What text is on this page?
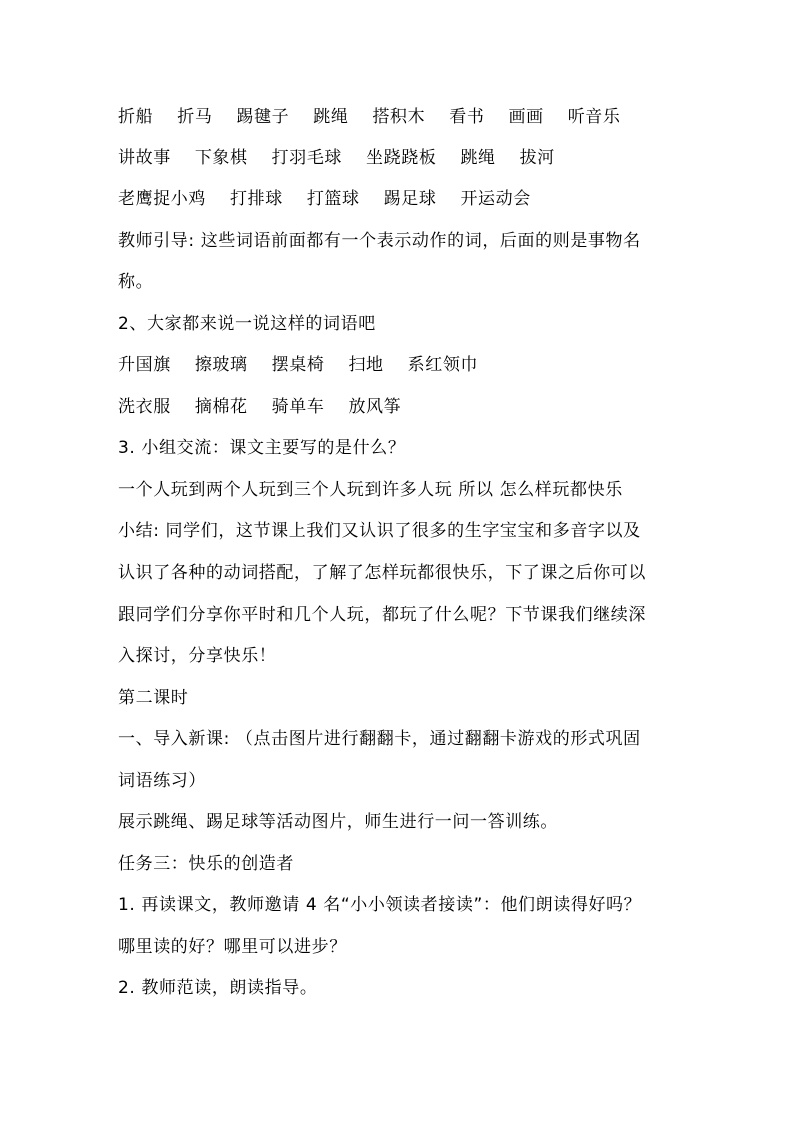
折船    折马    踢毽子    跳绳    搭积木    看书    画画    听音乐
讲故事    下象棋    打羽毛球    坐跷跷板    跳绳    拔河
老鹰捉小鸡    打排球    打篮球    踢足球    开运动会
教师引导: 这些词语前面都有一个表示动作的词，后面的则是事物名
称。
2、大家都来说一说这样的词语吧
升国旗    擦玻璃    摆桌椅    扫地    系红领巾
洗衣服    摘棉花    骑单车    放风筝
3. 小组交流：课文主要写的是什么？
一个人玩到两个人玩到三个人玩到许多人玩 所以 怎么样玩都快乐
小结: 同学们，这节课上我们又认识了很多的生字宝宝和多音字以及
认识了各种的动词搭配，了解了怎样玩都很快乐，下了课之后你可以
跟同学们分享你平时和几个人玩，都玩了什么呢？下节课我们继续深
入探讨，分享快乐！
第二课时
一、导入新课: （点击图片进行翻翻卡，通过翻翻卡游戏的形式巩固
词语练习）
展示跳绳、踢足球等活动图片，师生进行一问一答训练。
任务三：快乐的创造者
1. 再读课文，教师邀请 4 名“小小领读者接读”：他们朗读得好吗？
哪里读的好？哪里可以进步？
2. 教师范读，朗读指导。
